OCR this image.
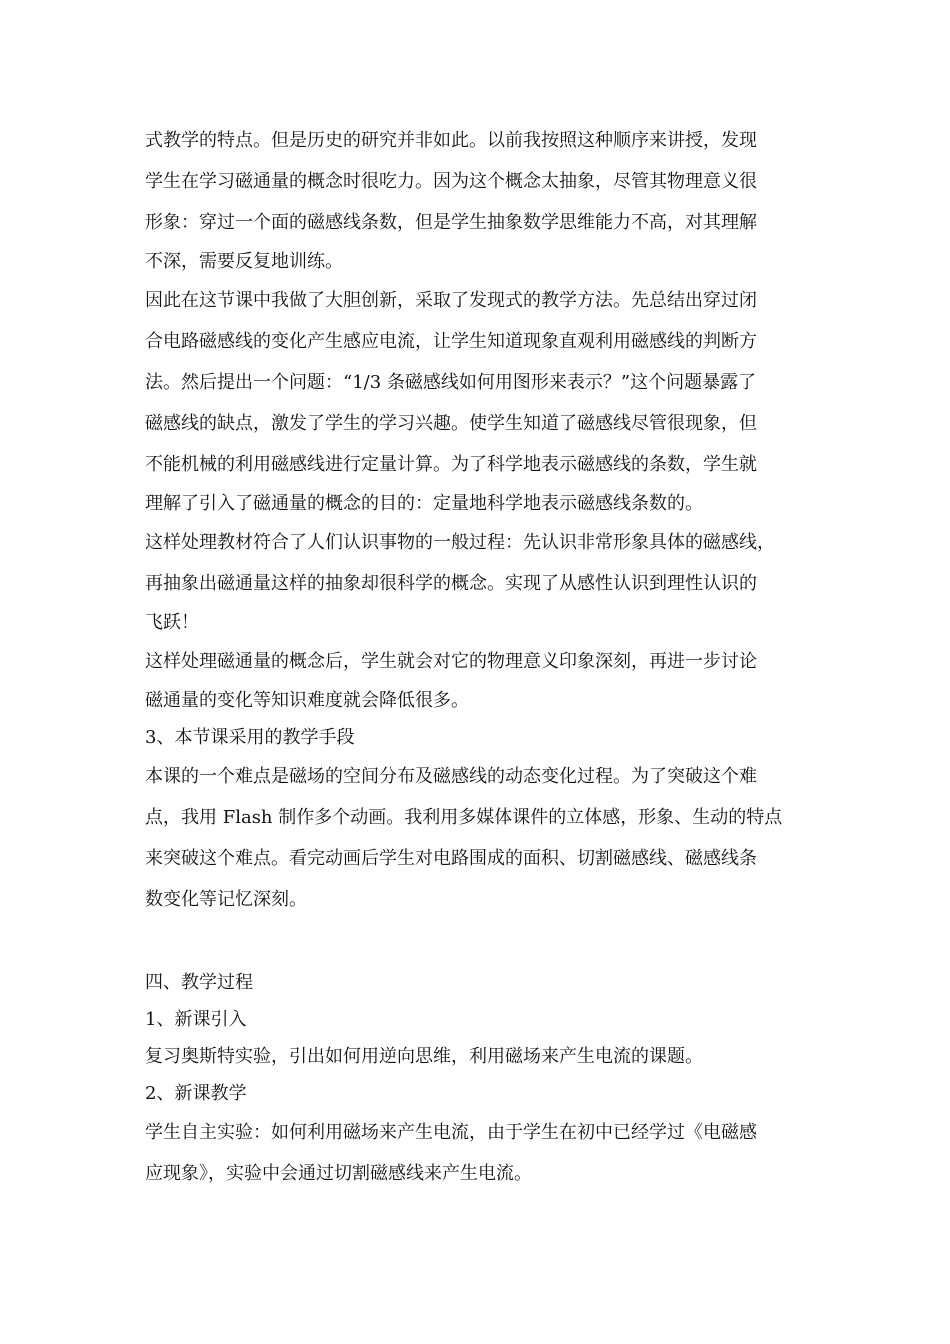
式教学的特点。但是历史的研究并非如此。以前我按照这种顺序来讲授，发现
学生在学习磁通量的概念时很吃力。因为这个概念太抽象，尽管其物理意义很
形象：穿过一个面的磁感线条数，但是学生抽象数学思维能力不高，对其理解
不深，需要反复地训练。
因此在这节课中我做了大胆创新，采取了发现式的教学方法。先总结出穿过闭
合电路磁感线的变化产生感应电流，让学生知道现象直观利用磁感线的判断方
法。然后提出一个问题：“1/3 条磁感线如何用图形来表示？”这个问题暴露了
磁感线的缺点，激发了学生的学习兴趣。使学生知道了磁感线尽管很现象，但
不能机械的利用磁感线进行定量计算。为了科学地表示磁感线的条数，学生就
理解了引入了磁通量的概念的目的：定量地科学地表示磁感线条数的。
这样处理教材符合了人们认识事物的一般过程：先认识非常形象具体的磁感线，
再抽象出磁通量这样的抽象却很科学的概念。实现了从感性认识到理性认识的
飞跃！
这样处理磁通量的概念后，学生就会对它的物理意义印象深刻，再进一步讨论
磁通量的变化等知识难度就会降低很多。
3、本节课采用的教学手段
本课的一个难点是磁场的空间分布及磁感线的动态变化过程。为了突破这个难
点，我用 Flash 制作多个动画。我利用多媒体课件的立体感，形象、生动的特点
来突破这个难点。看完动画后学生对电路围成的面积、切割磁感线、磁感线条
数变化等记忆深刻。
四、教学过程
1、新课引入
复习奥斯特实验，引出如何用逆向思维，利用磁场来产生电流的课题。
2、新课教学
学生自主实验：如何利用磁场来产生电流，由于学生在初中已经学过《电磁感
应现象》，实验中会通过切割磁感线来产生电流。
